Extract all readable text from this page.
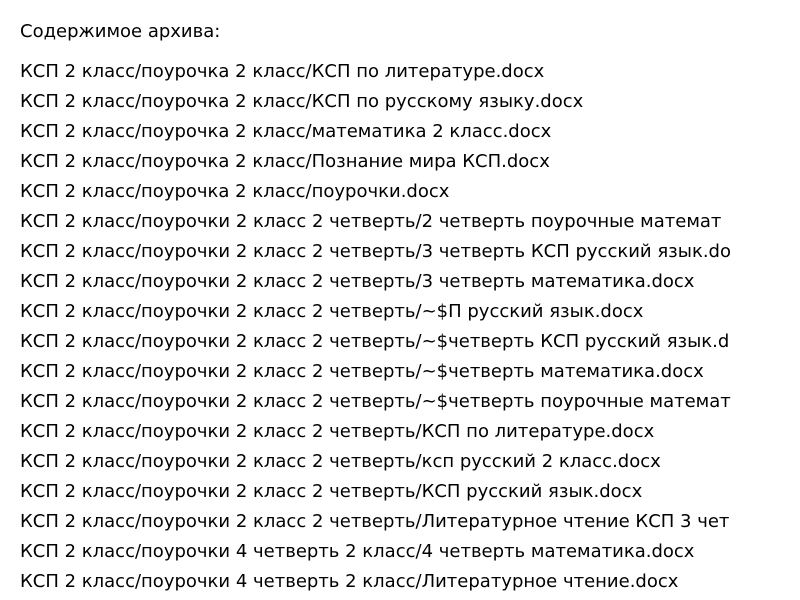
Содержимое архива:
КСП 2 класс/поурочка 2 класс/КСП по литературе.docx
КСП 2 класс/поурочка 2 класс/КСП по русскому языку.docx
КСП 2 класс/поурочка 2 класс/математика 2 класс.docx
КСП 2 класс/поурочка 2 класс/Познание мира КСП.docx
КСП 2 класс/поурочка 2 класс/поурочки.docx
КСП 2 класс/поурочки 2 класс 2 четверть/2 четверть поурочные математ
КСП 2 класс/поурочки 2 класс 2 четверть/3 четверть КСП русский язык.do
КСП 2 класс/поурочки 2 класс 2 четверть/3 четверть математика.docx
КСП 2 класс/поурочки 2 класс 2 четверть/~$П русский язык.docx
КСП 2 класс/поурочки 2 класс 2 четверть/~$четверть КСП русский язык.d
КСП 2 класс/поурочки 2 класс 2 четверть/~$четверть математика.docx
КСП 2 класс/поурочки 2 класс 2 четверть/~$четверть поурочные математ
КСП 2 класс/поурочки 2 класс 2 четверть/КСП по литературе.docx
КСП 2 класс/поурочки 2 класс 2 четверть/ксп русский 2 класс.docx
КСП 2 класс/поурочки 2 класс 2 четверть/КСП русский язык.docx
КСП 2 класс/поурочки 2 класс 2 четверть/Литературное чтение КСП 3 чет
КСП 2 класс/поурочки 4 четверть 2 класс/4 четверть математика.docx
КСП 2 класс/поурочки 4 четверть 2 класс/Литературное чтение.docx
